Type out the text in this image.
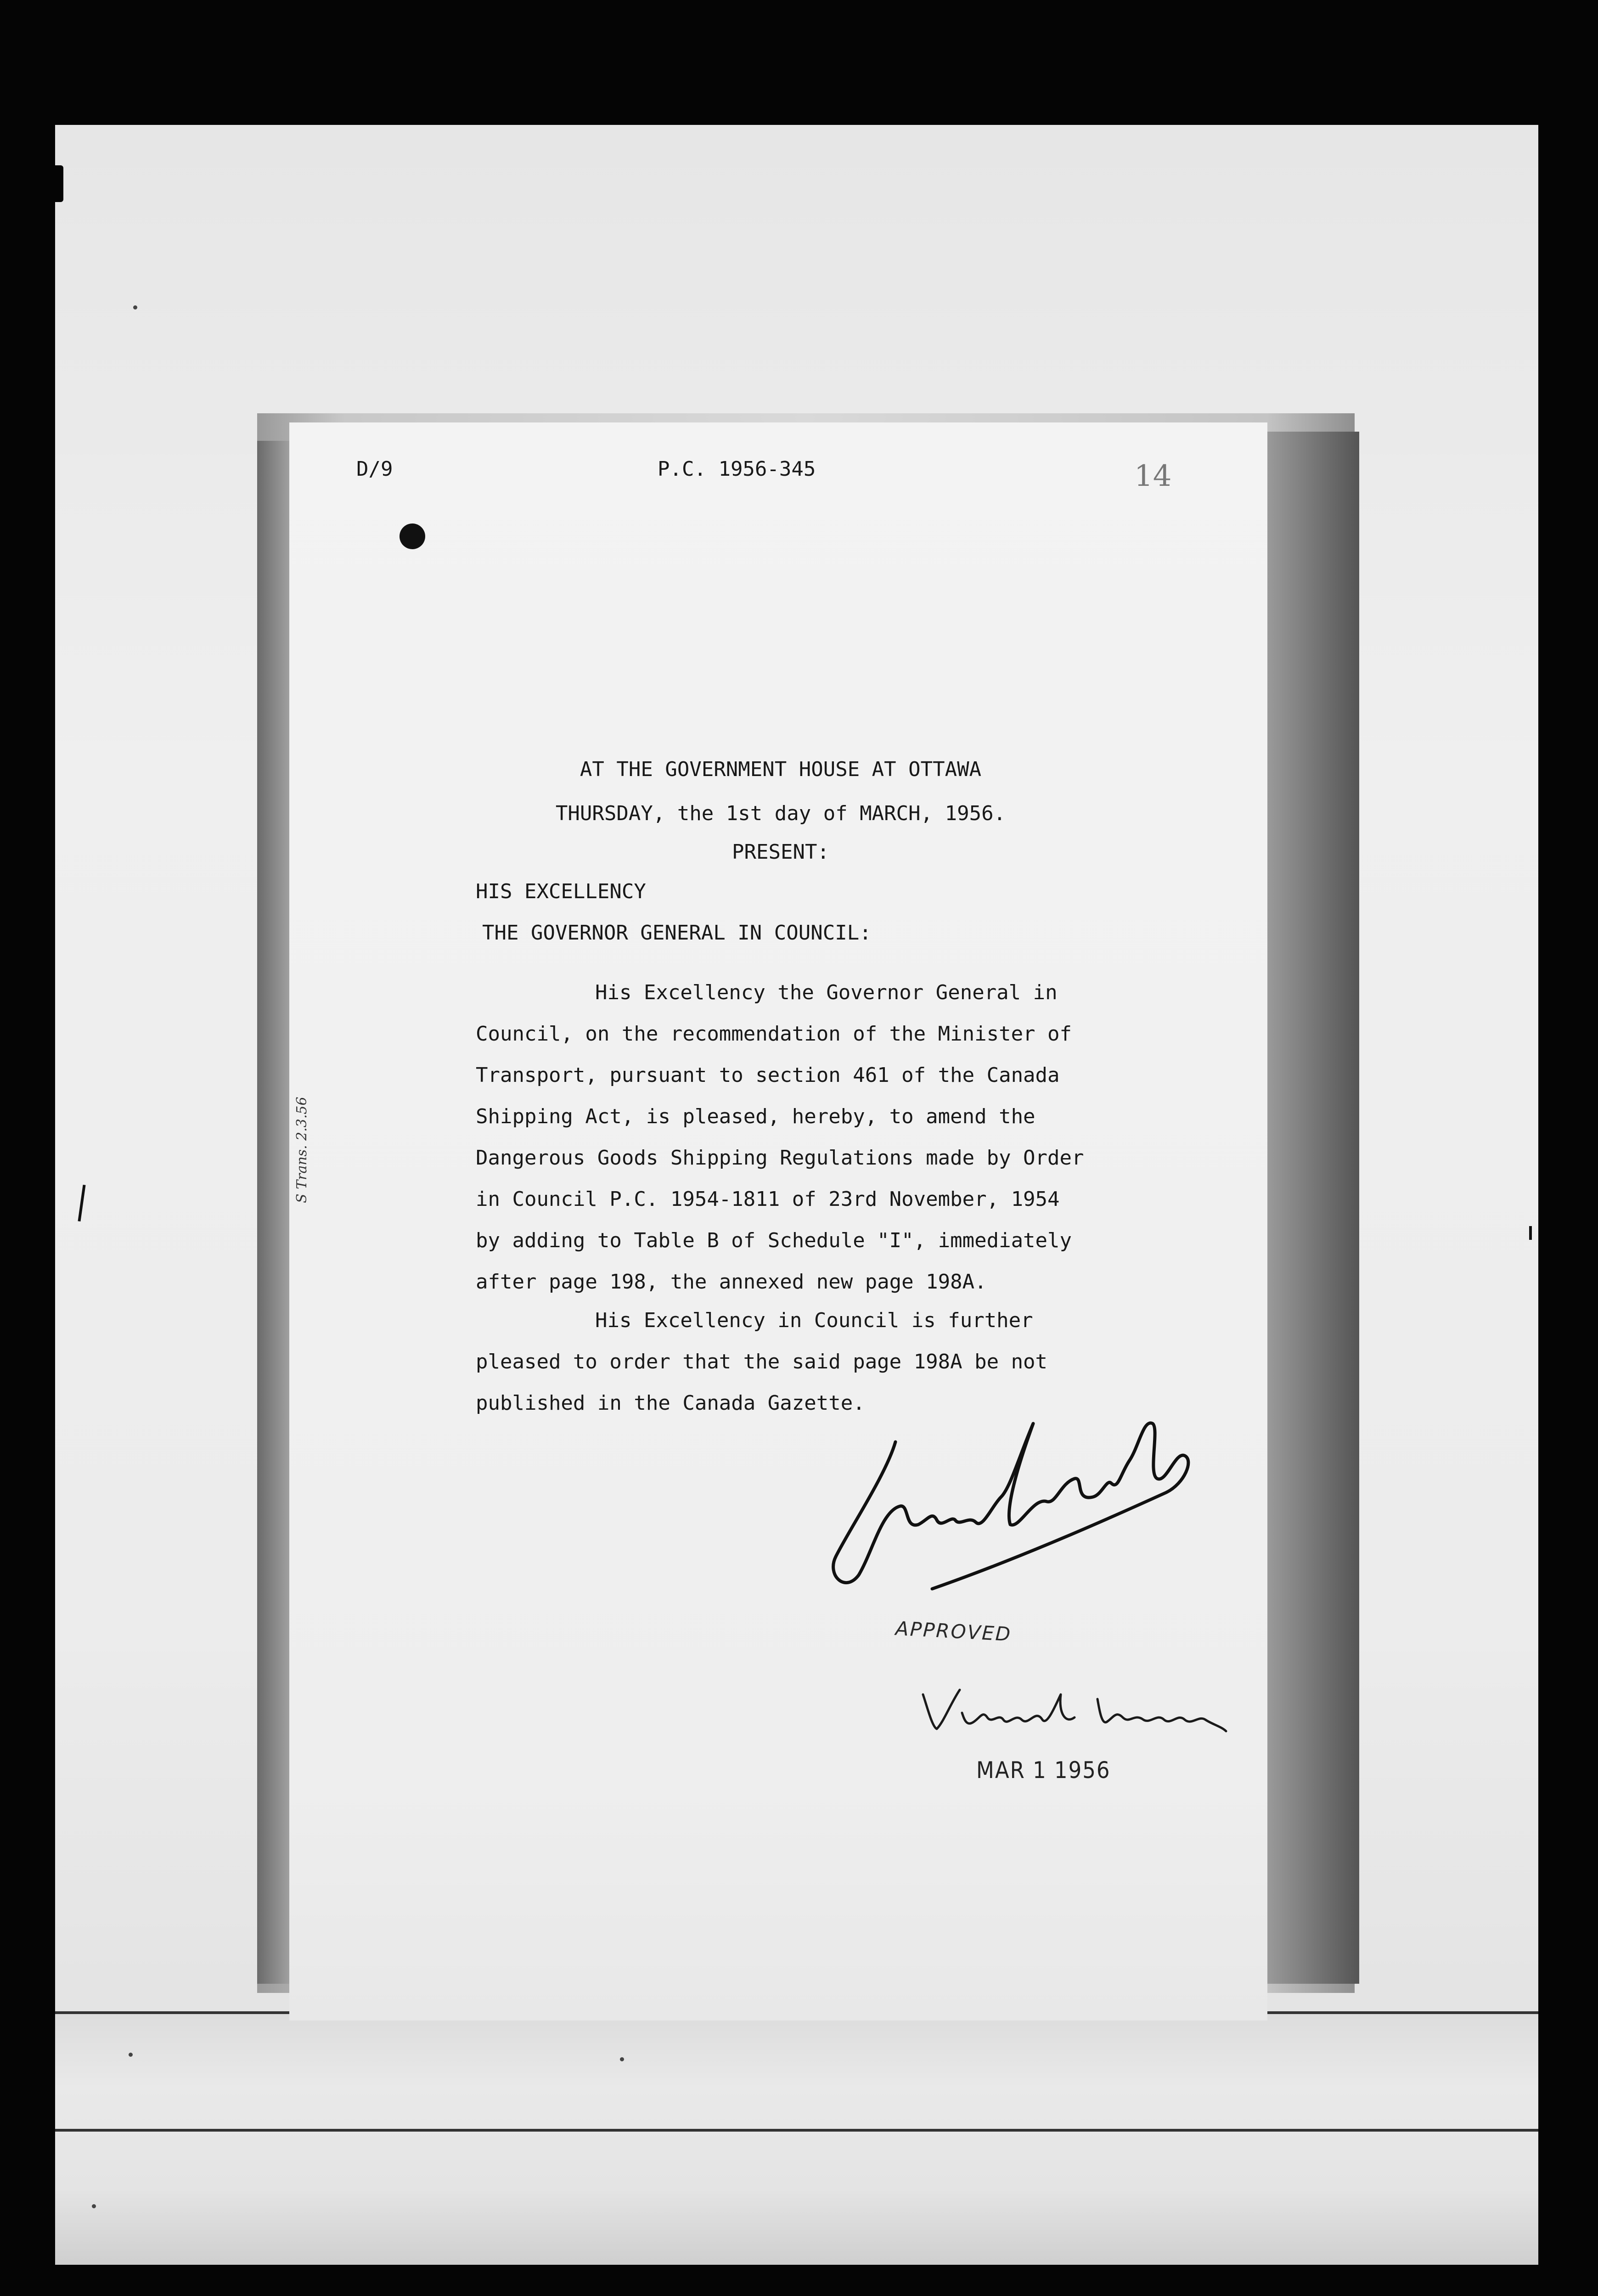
D/9	P.C. 1956-345	14
AT THE GOVERNMENT HOUSE AT OTTAWA
THURSDAY, the 1st day of MARCH, 1956.
PRESENT:
HIS EXCELLENCY
THE GOVERNOR GENERAL IN COUNCIL:
His Excellency the Governor General in
Council, on the recommendation of the Minister of
Transport, pursuant to section 461 of the Canada
Shipping Act, is pleased, hereby, to amend the
Dangerous Goods Shipping Regulations made by Order
in Council P.C. 1954-1811 of 23rd November, 1954
by adding to Table B of Schedule "I", immediately
after page 198, the annexed new page 198A.
His Excellency in Council is further
pleased to order that the said page 198A be not
published in the Canada Gazette.
S Trans. 2.3.56
APPROVED
MAR 1 1956
